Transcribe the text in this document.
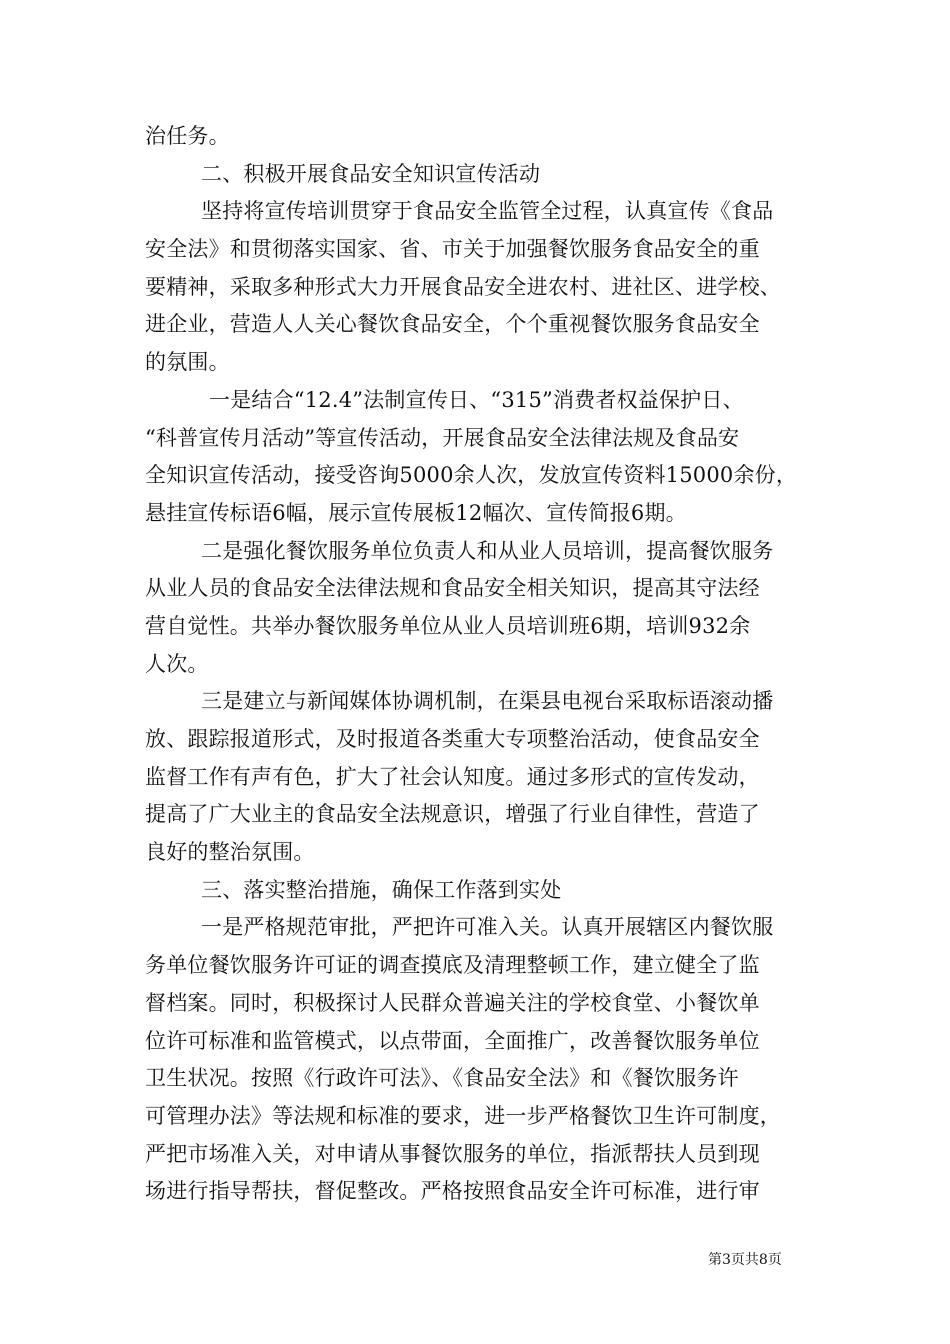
治任务。
二、积极开展食品安全知识宣传活动
坚持将宣传培训贯穿于食品安全监管全过程，认真宣传《食品
安全法》和贯彻落实国家、省、市关于加强餐饮服务食品安全的重
要精神，采取多种形式大力开展食品安全进农村、进社区、进学校、
进企业，营造人人关心餐饮食品安全，个个重视餐饮服务食品安全
的氛围。
一是结合“12.4”法制宣传日、“315”消费者权益保护日、
“科普宣传月活动”等宣传活动，开展食品安全法律法规及食品安
全知识宣传活动，接受咨询5000余人次，发放宣传资料15000余份，
悬挂宣传标语6幅，展示宣传展板12幅次、宣传简报6期。
二是强化餐饮服务单位负责人和从业人员培训，提高餐饮服务
从业人员的食品安全法律法规和食品安全相关知识，提高其守法经
营自觉性。共举办餐饮服务单位从业人员培训班6期，培训932余
人次。
三是建立与新闻媒体协调机制，在渠县电视台采取标语滚动播
放、跟踪报道形式，及时报道各类重大专项整治活动，使食品安全
监督工作有声有色，扩大了社会认知度。通过多形式的宣传发动，
提高了广大业主的食品安全法规意识，增强了行业自律性，营造了
良好的整治氛围。
三、落实整治措施，确保工作落到实处
一是严格规范审批，严把许可准入关。认真开展辖区内餐饮服
务单位餐饮服务许可证的调查摸底及清理整顿工作，建立健全了监
督档案。同时，积极探讨人民群众普遍关注的学校食堂、小餐饮单
位许可标准和监管模式，以点带面，全面推广，改善餐饮服务单位
卫生状况。按照《行政许可法》、《食品安全法》和《餐饮服务许
可管理办法》等法规和标准的要求，进一步严格餐饮卫生许可制度，
严把市场准入关，对申请从事餐饮服务的单位，指派帮扶人员到现
场进行指导帮扶，督促整改。严格按照食品安全许可标准，进行审
第3页共8页
